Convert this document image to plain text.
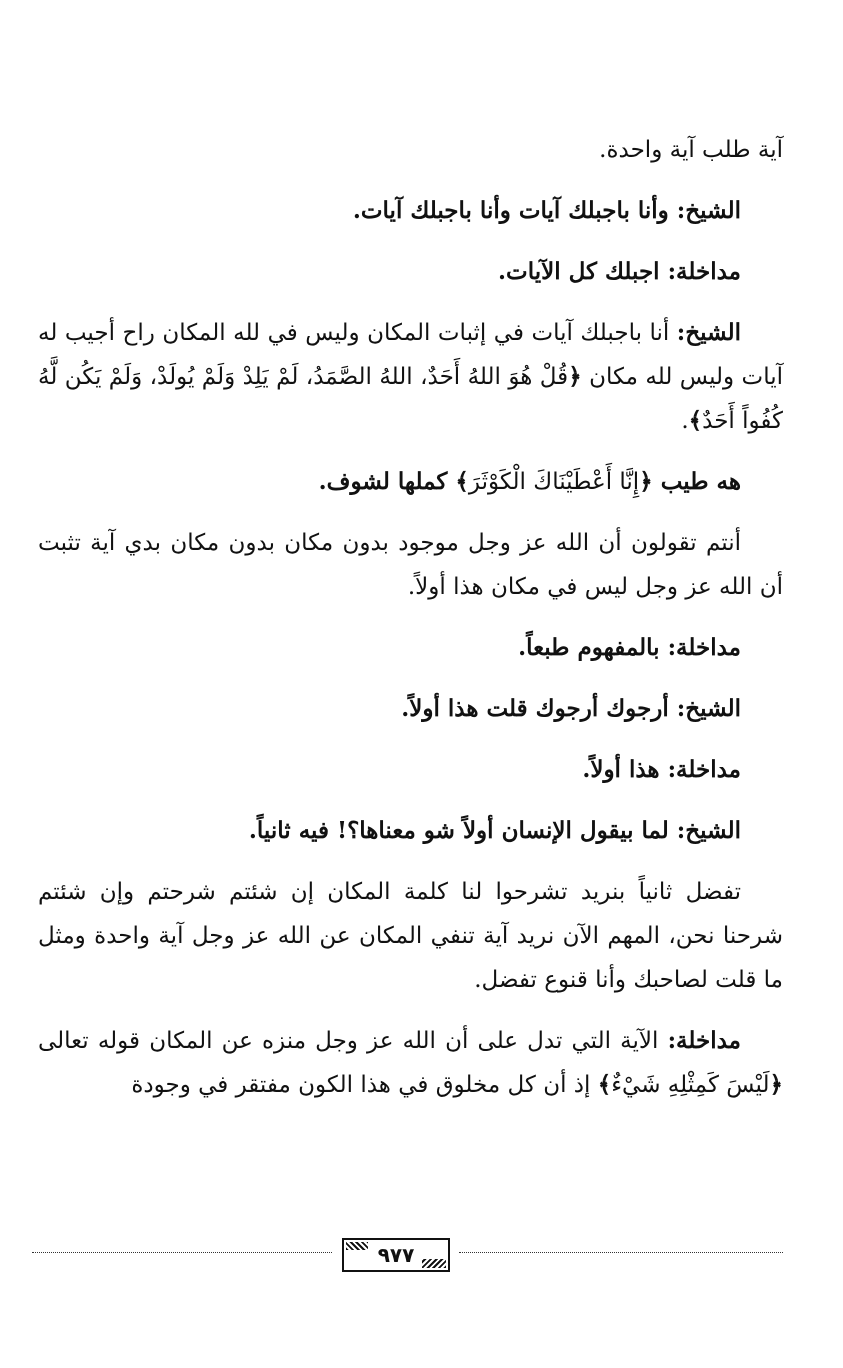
آية طلب آية واحدة.

الشيخ: وأنا باجبلك آيات وأنا باجبلك آيات.

مداخلة: اجبلك كل الآيات.

الشيخ: أنا باجبلك آيات في إثبات المكان وليس في لله المكان راح أجيب له آيات وليس لله مكان ﴿قُلْ هُوَ اللهُ أَحَدٌ، اللهُ الصَّمَدُ، لَمْ يَلِدْ وَلَمْ يُولَدْ، وَلَمْ يَكُن لَّهُ كُفُواً أَحَدٌ﴾.

هه طيب ﴿إِنَّا أَعْطَيْنَاكَ الْكَوْثَرَ﴾ كملها لشوف.

أنتم تقولون أن الله عز وجل موجود بدون مكان بدون مكان بدي آية تثبت أن الله عز وجل ليس في مكان هذا أولاً.

مداخلة: بالمفهوم طبعاً.

الشيخ: أرجوك أرجوك قلت هذا أولاً.

مداخلة: هذا أولاً.

الشيخ: لما بيقول الإنسان أولاً شو معناها؟! فيه ثانياً.

تفضل ثانياً بنريد تشرحوا لنا كلمة المكان إن شئتم شرحتم وإن شئتم شرحنا نحن، المهم الآن نريد آية تنفي المكان عن الله عز وجل آية واحدة ومثل ما قلت لصاحبك وأنا قنوع تفضل.

مداخلة: الآية التي تدل على أن الله عز وجل منزه عن المكان قوله تعالى ﴿لَيْسَ كَمِثْلِهِ شَيْءٌ﴾ إذ أن كل مخلوق في هذا الكون مفتقر في وجودة

٩٧٧
